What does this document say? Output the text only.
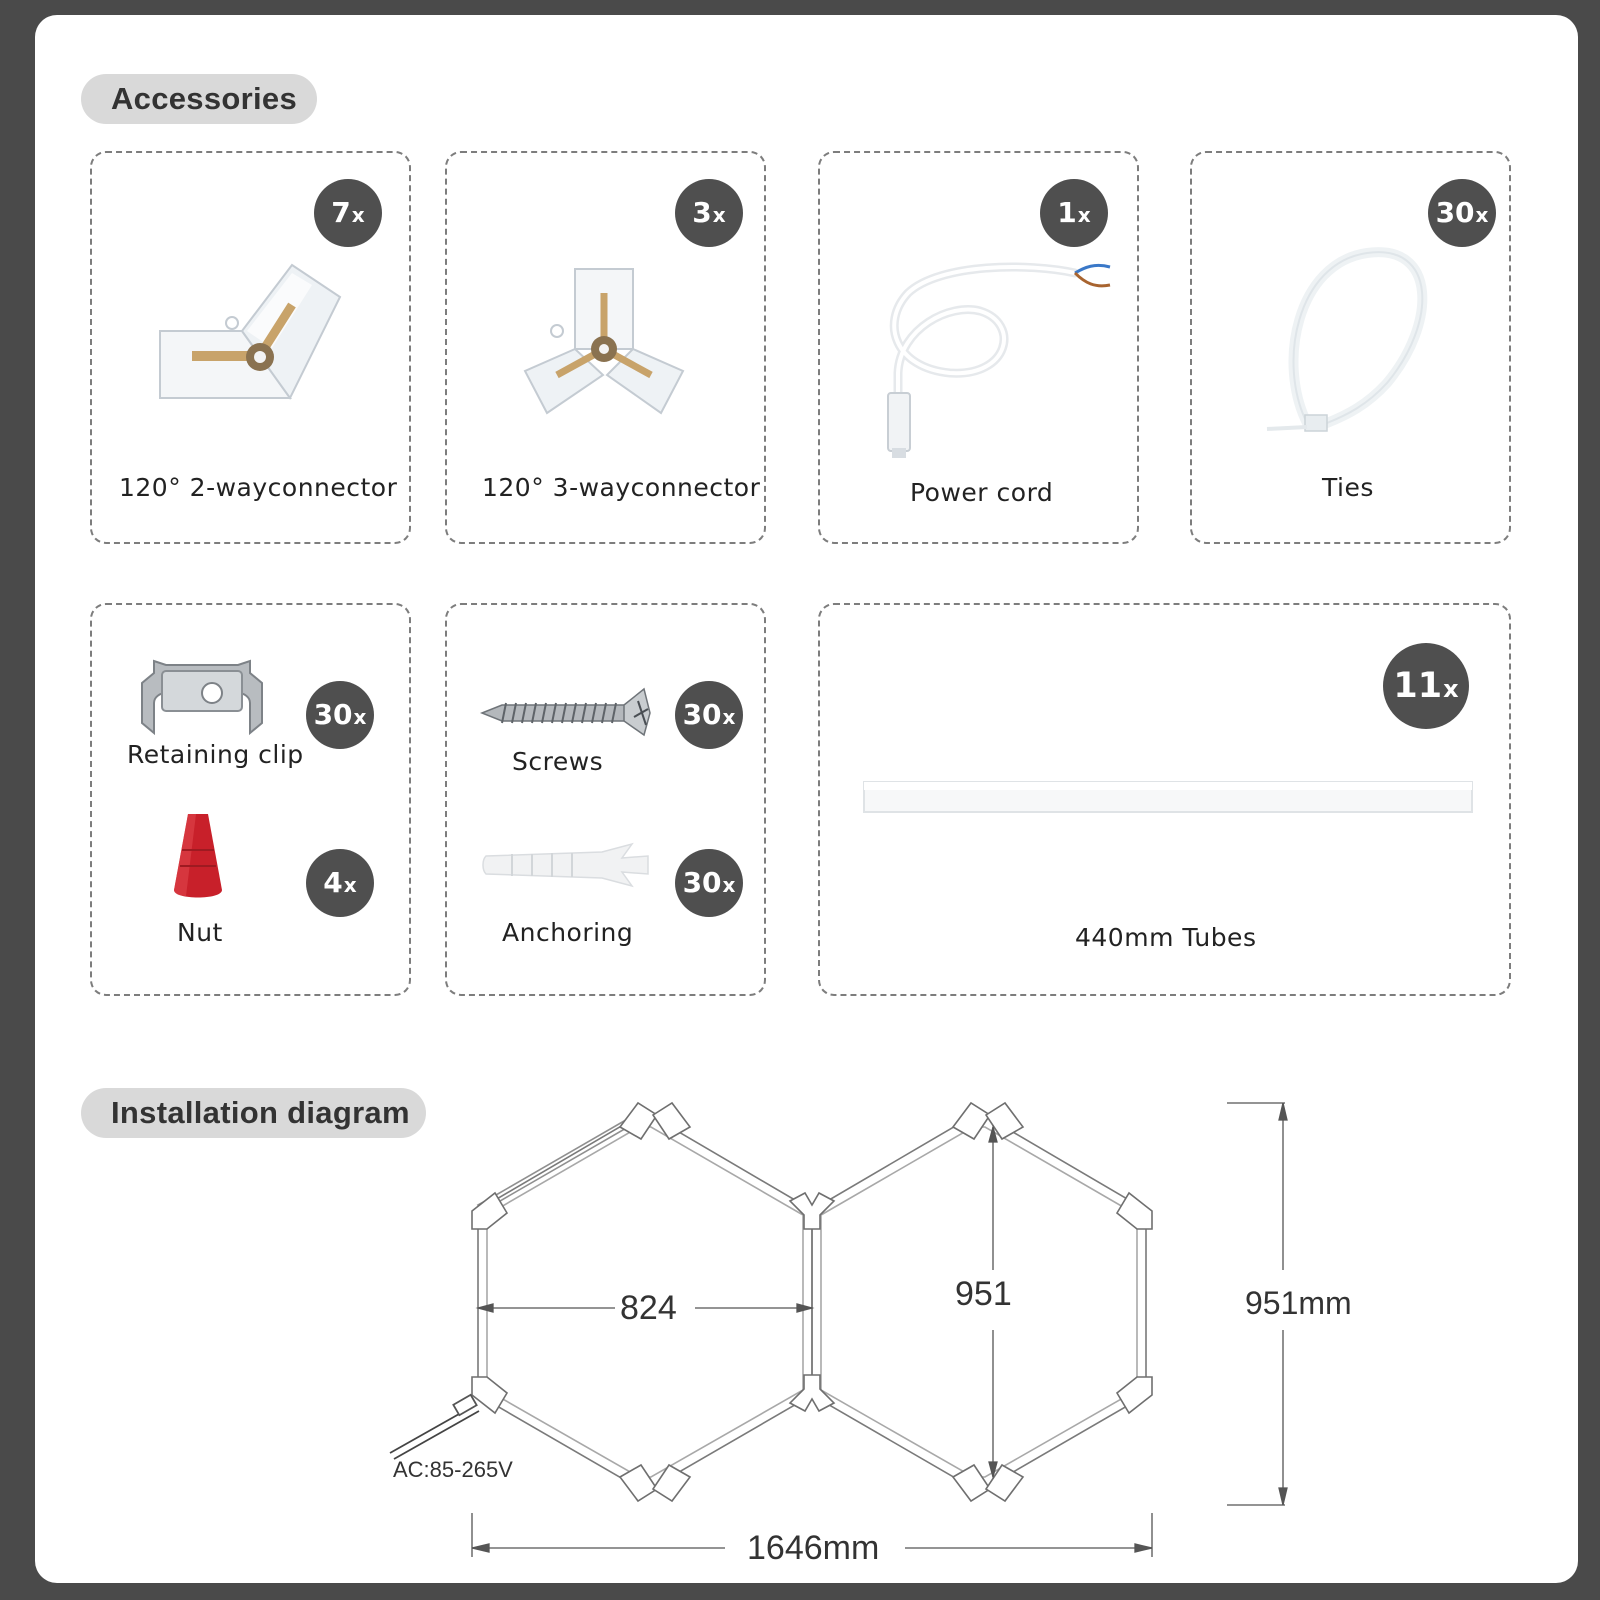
Accessories
7x
120° 2-wayconnector
3x
120° 3-wayconnector
1x
Power cord
30x
Ties
30x
Retaining clip
4x
Nut
30x
Screws
30x
Anchoring
11x
440mm Tubes
Installation diagram
824	951	951mm
1646mm
AC:85-265V
